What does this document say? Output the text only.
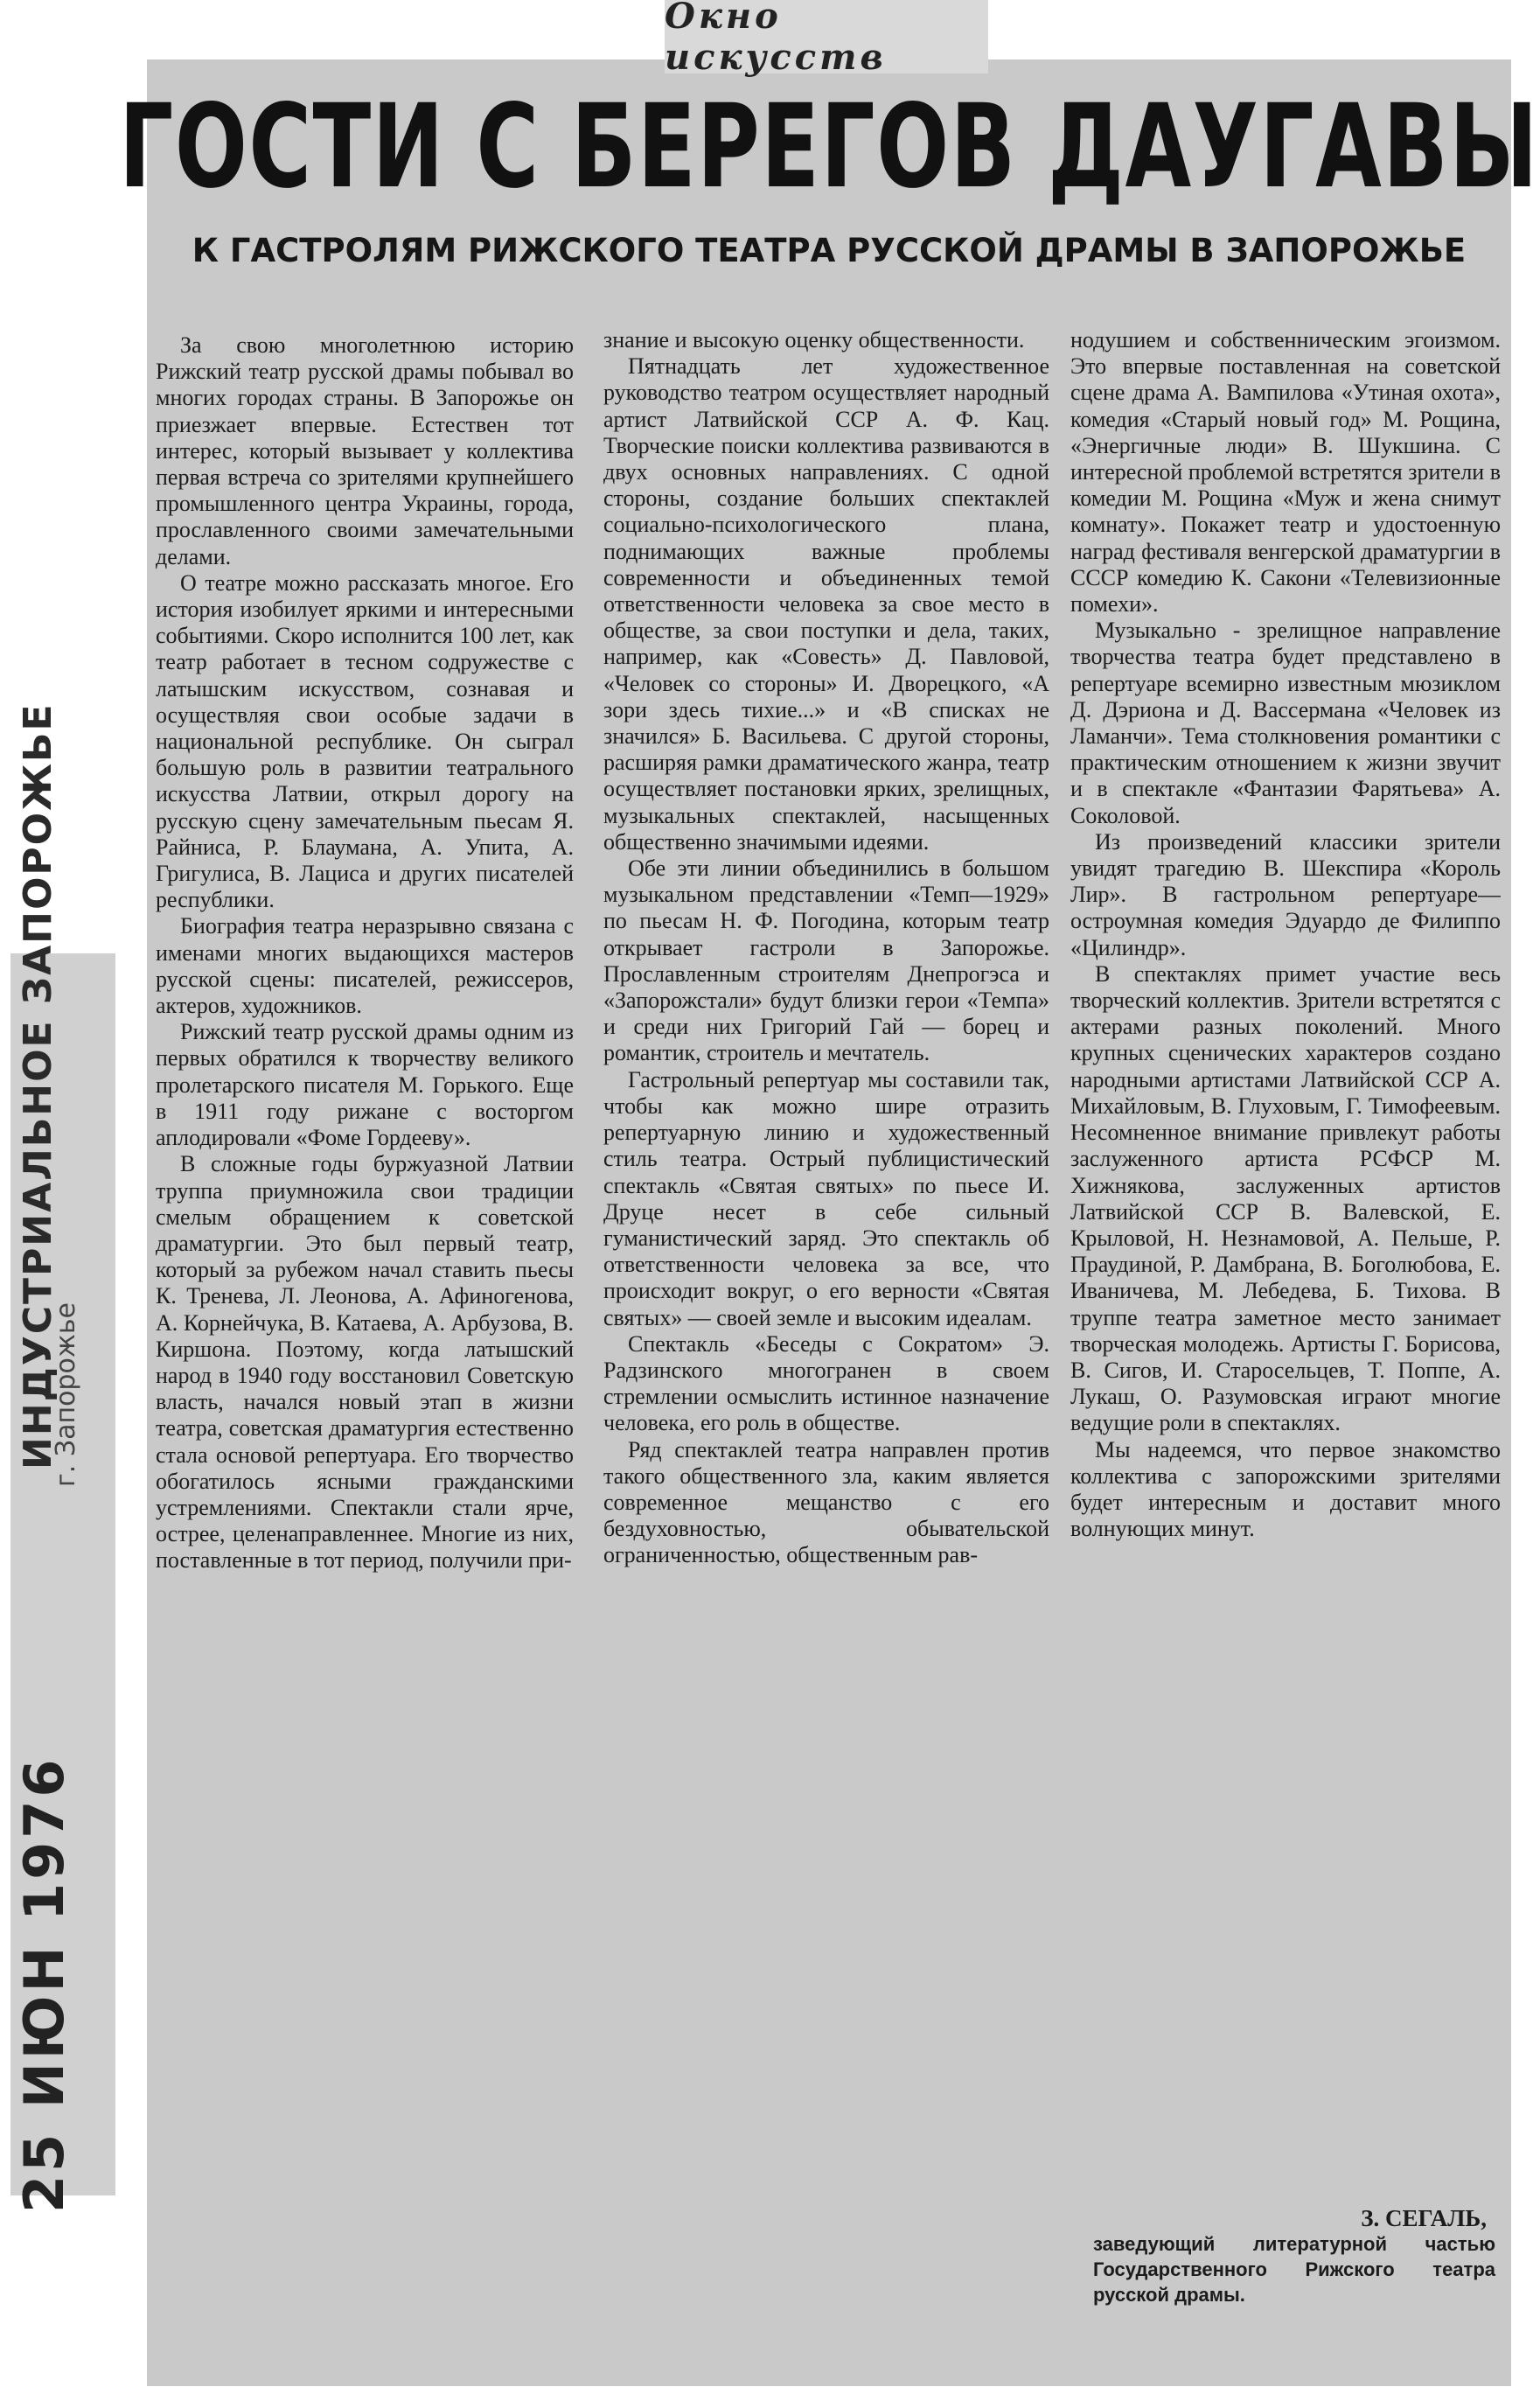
Окно искусств
ГОСТИ С БЕРЕГОВ ДАУГАВЫ
К ГАСТРОЛЯМ РИЖСКОГО ТЕАТРА РУССКОЙ ДРАМЫ В ЗАПОРОЖЬЕ

За свою многолетнюю историю Рижский театр русской драмы побывал во многих городах страны. В Запорожье он приезжает впервые. Естествен тот интерес, который вызывает у коллектива первая встреча со зрителями крупнейшего промышленного центра Украины, города, прославленного своими замечательными делами.

О театре можно рассказать многое. Его история изобилует яркими и интересными событиями. Скоро исполнится 100 лет, как театр работает в тесном содружестве с латышским искусством, сознавая и осуществляя свои особые задачи в национальной республике. Он сыграл большую роль в развитии театрального искусства Латвии, открыл дорогу на русскую сцену замечательным пьесам Я. Райниса, Р. Блаумана, А. Упита, А. Григулиса, В. Лациса и других писателей республики.

Биография театра неразрывно связана с именами многих выдающихся мастеров русской сцены: писателей, режиссеров, актеров, художников.

Рижский театр русской драмы одним из первых обратился к творчеству великого пролетарского писателя М. Горького. Еще в 1911 году рижане с восторгом аплодировали «Фоме Гордееву».

В сложные годы буржуазной Латвии труппа приумножила свои традиции смелым обращением к советской драматургии. Это был первый театр, который за рубежом начал ставить пьесы К. Тренева, Л. Леонова, А. Афиногенова, А. Корнейчука, В. Катаева, А. Арбузова, В. Киршона. Поэтому, когда латышский народ в 1940 году восстановил Советскую власть, начался новый этап в жизни театра, советская драматургия естественно стала основой репертуара. Его творчество обогатилось ясными гражданскими устремлениями. Спектакли стали ярче, острее, целенаправленнее. Многие из них, поставленные в тот период, получили при-

знание и высокую оценку общественности.

Пятнадцать лет художественное руководство театром осуществляет народный артист Латвийской ССР А. Ф. Кац. Творческие поиски коллектива развиваются в двух основных направлениях. С одной стороны, создание больших спектаклей социально-психологического плана, поднимающих важные проблемы современности и объединенных темой ответственности человека за свое место в обществе, за свои поступки и дела, таких, например, как «Совесть» Д. Павловой, «Человек со стороны» И. Дворецкого, «А зори здесь тихие...» и «В списках не значился» Б. Васильева. С другой стороны, расширяя рамки драматического жанра, театр осуществляет постановки ярких, зрелищных, музыкальных спектаклей, насыщенных общественно значимыми идеями.

Обе эти линии объединились в большом музыкальном представлении «Темп—1929» по пьесам Н. Ф. Погодина, которым театр открывает гастроли в Запорожье. Прославленным строителям Днепрогэса и «Запорожстали» будут близки герои «Темпа» и среди них Григорий Гай — борец и романтик, строитель и мечтатель.

Гастрольный репертуар мы составили так, чтобы как можно шире отразить репертуарную линию и художественный стиль театра. Острый публицистический спектакль «Святая святых» по пьесе И. Друце несет в себе сильный гуманистический заряд. Это спектакль об ответственности человека за все, что происходит вокруг, о его верности «Святая святых» — своей земле и высоким идеалам.

Спектакль «Беседы с Сократом» Э. Радзинского многогранен в своем стремлении осмыслить истинное назначение человека, его роль в обществе.

Ряд спектаклей театра направлен против такого общественного зла, каким является современное мещанство с его бездуховностью, обывательской ограниченностью, общественным рав-

нодушием и собственническим эгоизмом. Это впервые поставленная на советской сцене драма А. Вампилова «Утиная охота», комедия «Старый новый год» М. Рощина, «Энергичные люди» В. Шукшина. С интересной проблемой встретятся зрители в комедии М. Рощина «Муж и жена снимут комнату». Покажет театр и удостоенную наград фестиваля венгерской драматургии в СССР комедию К. Сакони «Телевизионные помехи».

Музыкально - зрелищное направление творчества театра будет представлено в репертуаре всемирно известным мюзиклом Д. Дэриона и Д. Вассермана «Человек из Ламанчи». Тема столкновения романтики с практическим отношением к жизни звучит и в спектакле «Фантазии Фарятьева» А. Соколовой.

Из произведений классики зрители увидят трагедию В. Шекспира «Король Лир». В гастрольном репертуаре—остроумная комедия Эдуардо де Филиппо «Цилиндр».

В спектаклях примет участие весь творческий коллектив. Зрители встретятся с актерами разных поколений. Много крупных сценических характеров создано народными артистами Латвийской ССР А. Михайловым, В. Глуховым, Г. Тимофеевым. Несомненное внимание привлекут работы заслуженного артиста РСФСР М. Хижнякова, заслуженных артистов Латвийской ССР В. Валевской, Е. Крыловой, Н. Незнамовой, А. Пельше, Р. Праудиной, Р. Дамбрана, В. Боголюбова, Е. Иваничева, М. Лебедева, Б. Тихова. В труппе театра заметное место занимает творческая молодежь. Артисты Г. Борисова, В. Сигов, И. Старосельцев, Т. Поппе, А. Лукаш, О. Разумовская играют многие ведущие роли в спектаклях.

Мы надеемся, что первое знакомство коллектива с запорожскими зрителями будет интересным и доставит много волнующих минут.

З. СЕГАЛЬ,
заведующий литературной частью Государственного Рижского театра русской драмы.
ИНДУСТРИАЛЬНОЕ ЗАПОРОЖЬЕ
г. Запорожье
25 ИЮН 1976
